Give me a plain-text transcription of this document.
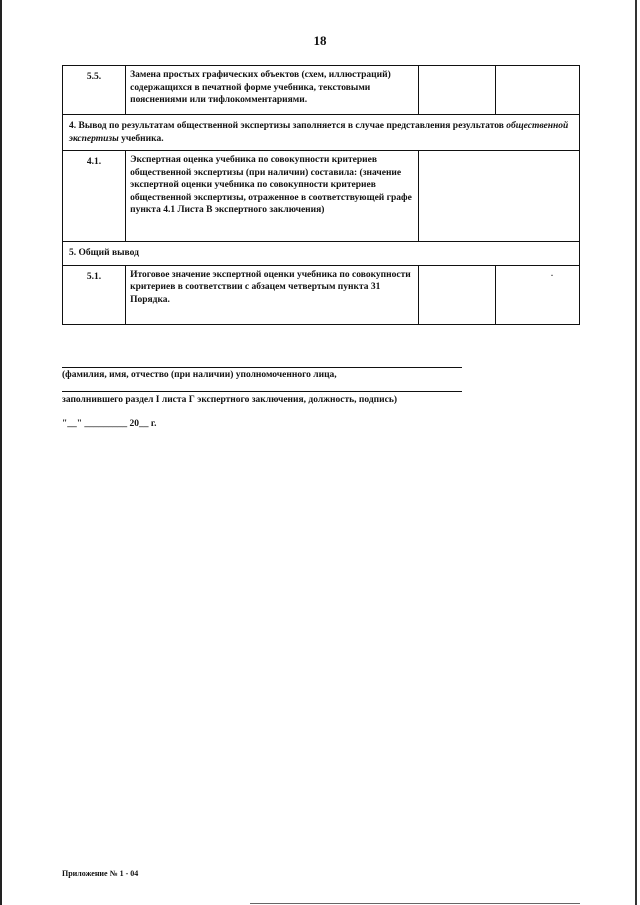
18
5.5.	Замена простых графических объектов (схем, иллюстраций) содержащихся в печатной форме учебника, текстовыми пояснениями или тифлокомментариями.		
4. Вывод по результатам общественной экспертизы заполняется в случае представления результатов общественной экспертизы учебника.			
4.1.	Экспертная оценка учебника по совокупности критериев общественной экспертизы (при наличии) составила: (значение экспертной оценки учебника по совокупности критериев общественной экспертизы, отраженное в соответствующей графе пункта 4.1 Листа В экспертного заключения)		
5. Общий вывод			
5.1.	Итоговое значение экспертной оценки учебника по совокупности критериев в соответствии с абзацем четвертым пункта 31 Порядка.		.
(фамилия, имя, отчество (при наличии) уполномоченного лица,
заполнившего раздел I листа Г экспертного заключения, должность, подпись)
"__" _________ 20__ г.
Приложение № 1 - 04
